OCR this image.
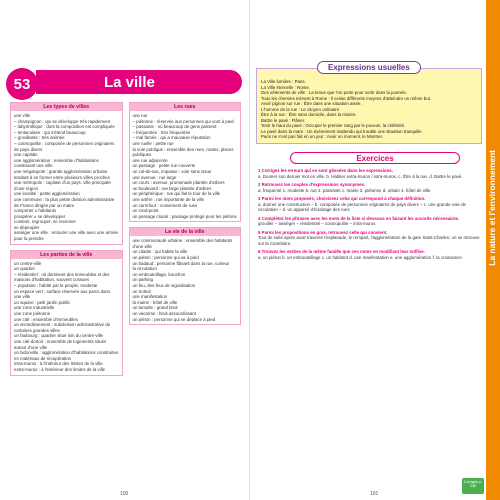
53	La ville
Les types de villes
une ville
– champignon : qui se développe très rapidement
– labyrinthique : dont la composition est compliquée
– tentaculaire : qui s'étend beaucoup
– grouillante : très animée
– cosmopolite : composée de personnes originaires de pays divers
une capitale
une agglomération : ensemble d'habitations constituant une ville
une mégalopole : grande agglomération urbaine tendant à se former entre plusieurs villes proches
une métropole : capitale d'un pays, ville principale d'une région
une localité : petite agglomération
une commune : la plus petite division administrative de France dirigée par un maire
comporter x habitants
prospérer ≠ se développer
contenir, regrouper, se recenser
se dépeupler
assiéger une ville : entourer une ville avec une armée pour la prendre
Les parties de la ville
un centre-ville
un quartier
– résidentiel : où dominent des immeubles et des maisons d'habitation, souvent cossues
– populaire : habité par le peuple, modeste
un espace vert : surface réservée aux parcs dans une ville
un square : petit jardin public
une zone industrielle
une zone piétonne
une cité : ensemble d'immeubles
un arrondissement : subdivision administrative de certaines grandes villes
un faubourg : quartier situé loin du centre-ville
une cité-dortoir : ensemble de logements situés autour d'une ville
un bidonville : agglomération d'habitations construites en matériaux de récupération
intra-muros : à l'intérieur des limites de la ville
extra-muros : à l'extérieur des limites de la ville
Les rues
une rue
– piétonne : réservée aux personnes qui vont à pied
– passante : où beaucoup de gens passent
– fréquentée : très fréquentée
– mal famée : qui a mauvaise réputation
une ruelle : petite rue
la voie publique : ensemble des rues, routes, places publiques
une rue adjacente
un passage : petite rue couverte
un cul-de-sac, impasse : voie sans issue
une avenue : rue large
un cours : avenue, promenade plantée d'arbres
un boulevard : rue large plantée d'arbres
un périphérique : rue qui fait le tour de la ville
une artère : rue importante de la ville
un carrefour : croisement de rues
un rond-point
un passage clouté : passage protégé pour les piétons
La vie de la ville
une communauté urbaine : ensemble des habitants d'une ville
un citadin : qui habite la ville
un piéton : personne qui va à pied
un badaud : personne flânant dans la rue, curieux
la circulation
un embouteillage, bouchon
un parking
un feu, des feux de signalisation
un trottoir
une manifestation
la mairie : hôtel de ville
un tumulte : grand bruit
un vacarme : bruit assourdissant
un piéton : personne qui se déplace à pied
100
Expressions usuelles
La Ville lumière : Paris.
La Ville éternelle : Rome.
Des vêtements de ville : La tenue que l'on porte pour sortir dans la journée.
Tous les chemins mènent à Rome : Il existe différents moyens d'atteindre un même but.
Avoir pignon sur rue : Être dans une situation aisée.
L'homme de la rue : Le citoyen ordinaire.
Être à la rue : Être sans domicile, dans la misère.
Battre le pavé : Flâner.
Tenir le haut du pavé : Occuper le premier rang par le pouvoir, la célébrité.
Le pavé dans la mare : Un événement inattendu qui trouble une situation tranquille.
Paris ne s'est pas fait en un jour : Avoir un moment, le Montrer.
Exercices
1 Corrigez les erreurs qui se sont glissées dans les expressions.
a. Donner son dernier mot en ville. b. Habiter extra-muros / intra-muros. c. Être à la rue. d. Battre le pavé.
2 Retrouvez les couples d'expressions synonymes.
a. frequenté 1. modeste b. rue 2. passante c. mairie 3. piétonne d. urbain 4. hôtel de ville
3 Parmi les mots proposés, choisissez celui qui correspond à chaque définition.
a. donner une construction – b. composée de personnes originaires de pays divers – c. une grande voie de circulation – d. un appareil d'éclairage des rues
4 Complétez les phrases avec les mots de la liste ci-dessous en faisant les accords nécessaires.
grouiller – assiéger – résidentiel – cosmopolite – intra-muros
5 Parmi les propositions en gras, retrouvez celle qui convient.
Tout de suite après avoir traversé l'esplanade, le rempart, l'agglomération de la gare Saint-Charles, on se retrouve sur la Canebière.
6 Trouvez les verbes de la même famille que ces noms en modifiant leur suffixe.
a. un piéton b. un embouteillage c. un habitant d. une manifestation e. une agglomération f. la croissance	La nature et l'environnement
Corrigés p. 246
101
